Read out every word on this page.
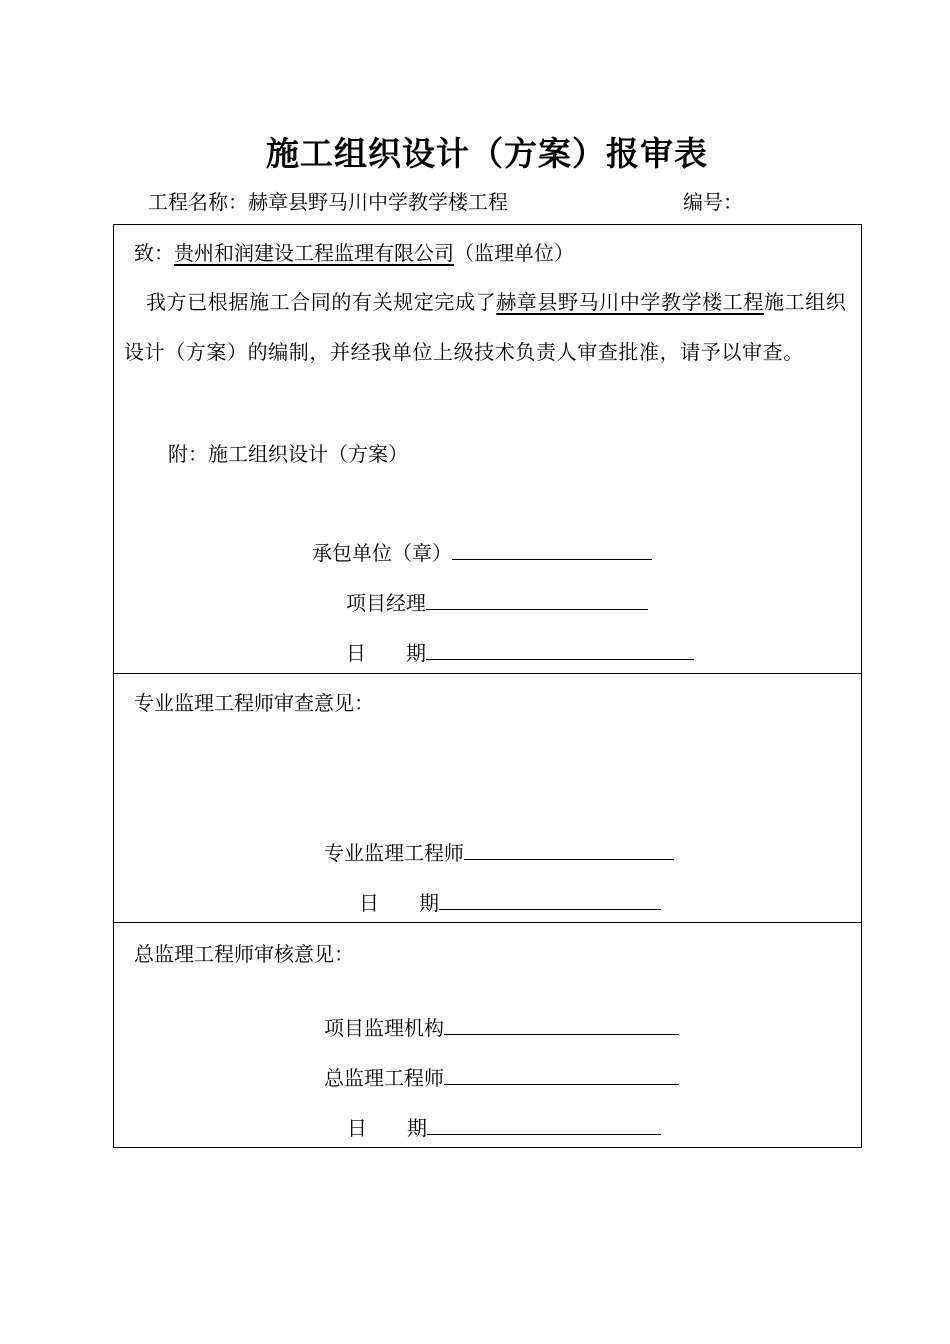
施工组织设计（方案）报审表
工程名称：赫章县野马川中学教学楼工程	编号：
致：贵州和润建设工程监理有限公司（监理单位）
我方已根据施工合同的有关规定完成了赫章县野马川中学教学楼工程施工组织设计（方案）的编制，并经我单位上级技术负责人审查批准，请予以审查。
附：施工组织设计（方案）
承包单位（章）
项目经理
日 期
专业监理工程师审查意见：
专业监理工程师
日 期
总监理工程师审核意见：
项目监理机构
总监理工程师
日 期
